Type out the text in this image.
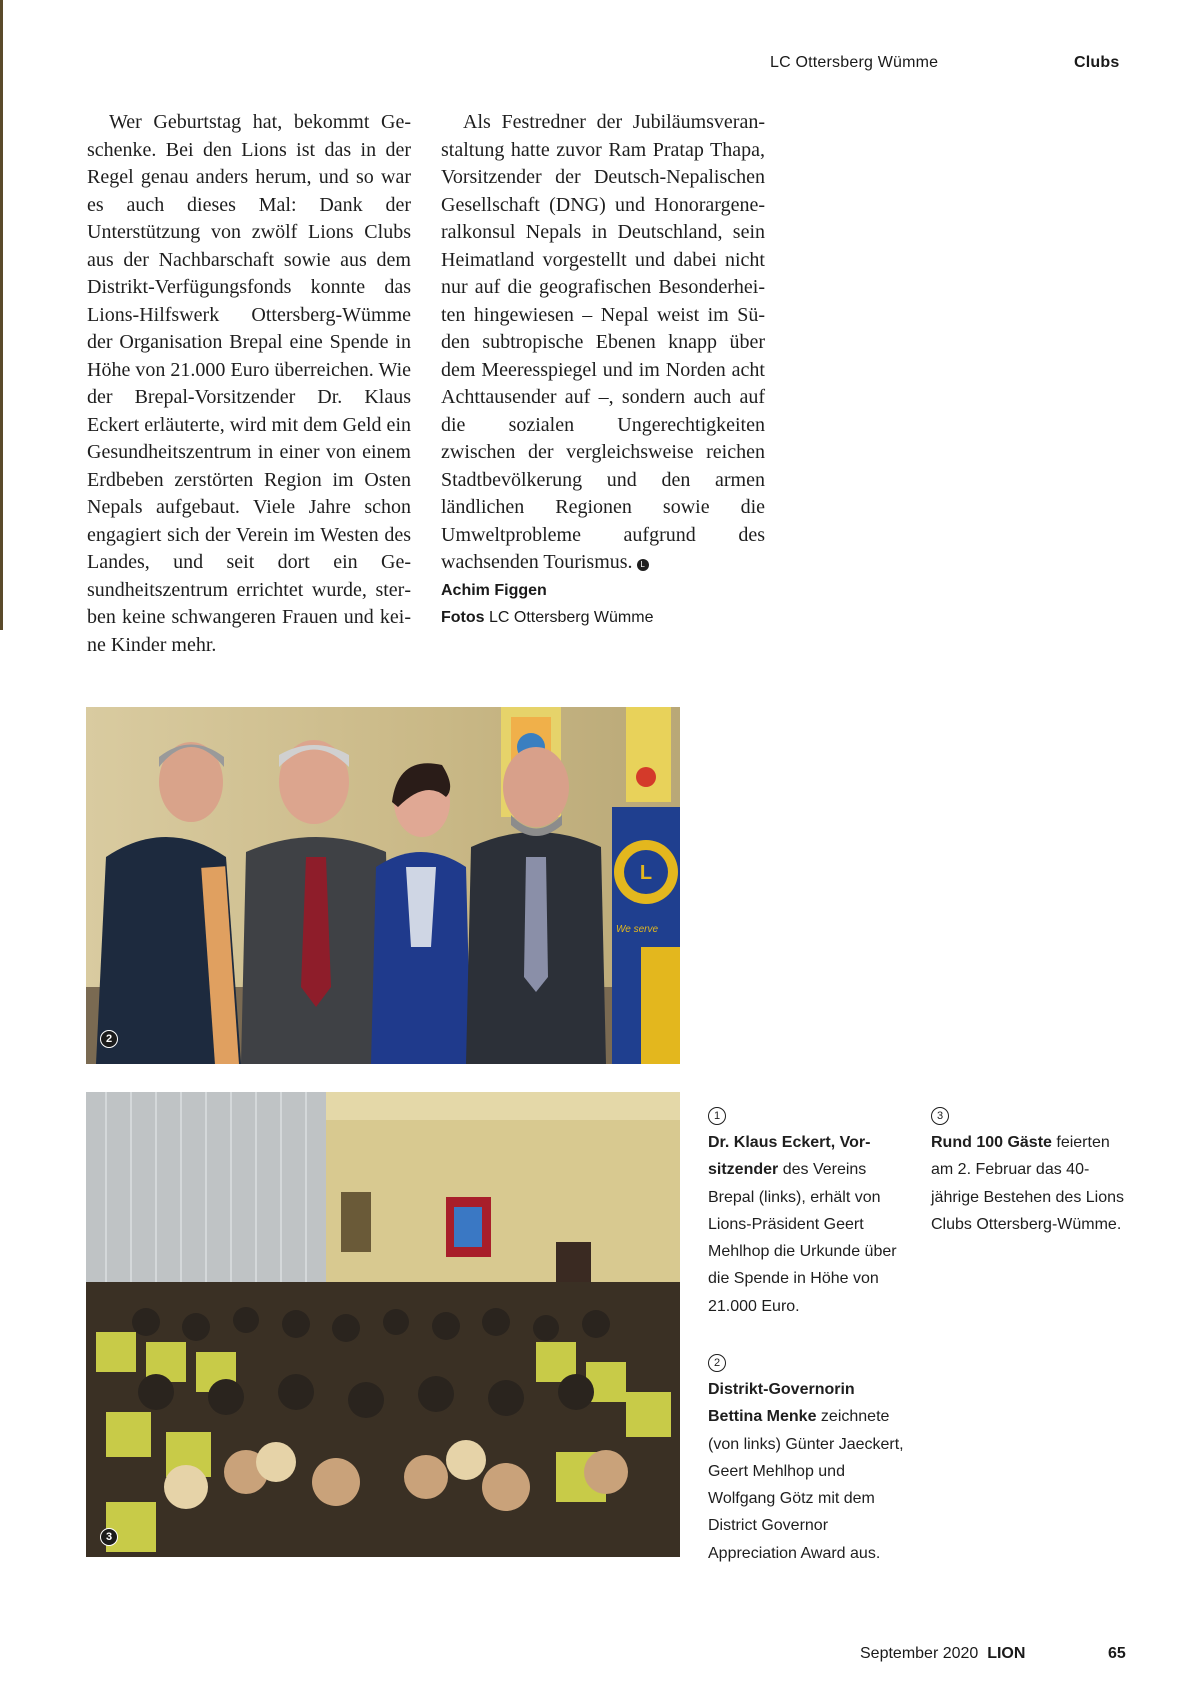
LC Ottersberg Wümme	Clubs
Wer Geburtstag hat, bekommt Geschenke. Bei den Lions ist das in der Regel genau anders herum, und so war es auch dieses Mal: Dank der Unterstützung von zwölf Lions Clubs aus der Nachbarschaft sowie aus dem Distrikt-Verfügungsfonds konnte das Lions-Hilfswerk Ottersberg-Wümme der Organisation Brepal eine Spende in Höhe von 21.000 Euro überreichen. Wie der Brepal-Vorsitzender Dr. Klaus Eckert erläuterte, wird mit dem Geld ein Gesundheitszentrum in einer von einem Erdbeben zerstörten Region im Osten Nepals aufgebaut. Viele Jahre schon engagiert sich der Verein im Westen des Landes, und seit dort ein Gesundheitszentrum errichtet wurde, sterben keine schwangeren Frauen und keine Kinder mehr.
Als Festredner der Jubiläumsveranstaltung hatte zuvor Ram Pratap Thapa, Vorsitzender der Deutsch-Nepalischen Gesellschaft (DNG) und Honorargeneralkonsul Nepals in Deutschland, sein Heimatland vorgestellt und dabei nicht nur auf die geografischen Besonderheiten hingewiesen – Nepal weist im Süden subtropische Ebenen knapp über dem Meeresspiegel und im Norden acht Achttausender auf –, sondern auch auf die sozialen Ungerechtigkeiten zwischen der vergleichsweise reichen Stadtbevölkerung und den armen ländlichen Regionen sowie die Umweltprobleme aufgrund des wachsenden Tourismus. L
Achim Figgen
Fotos LC Ottersberg Wümme
L
We serve
2
3
1
Dr. Klaus Eckert, Vorsitzender des Vereins Brepal (links), erhält von Lions-Präsident Geert Mehlhop die Urkunde über die Spende in Höhe von 21.000 Euro.
2
Distrikt-Governorin Bettina Menke zeichnete (von links) Günter Jaeckert, Geert Mehlhop und Wolfgang Götz mit dem District Governor Appreciation Award aus.
3
Rund 100 Gäste feierten am 2. Februar das 40-jährige Bestehen des Lions Clubs Ottersberg-Wümme.
September 2020 LION	65
